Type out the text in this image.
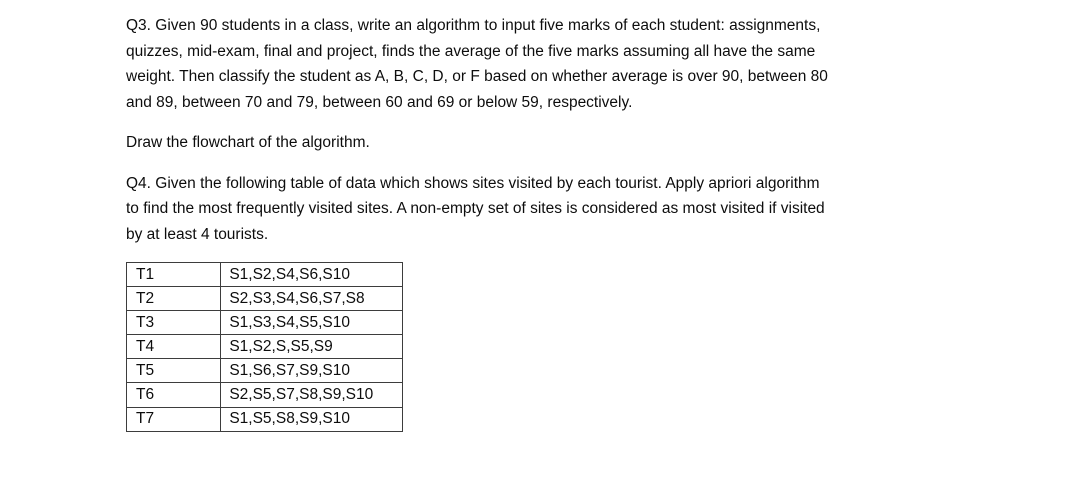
Q3. Given 90 students in a class, write an algorithm to input five marks of each student: assignments,
quizzes, mid-exam, final and project, finds the average of the five marks assuming all have the same
weight. Then classify the student as A, B, C, D, or F based on whether average is over 90, between 80
and 89, between 70 and 79, between 60 and 69 or below 59, respectively.
Draw the flowchart of the algorithm.
Q4. Given the following table of data which shows sites visited by each tourist. Apply apriori algorithm
to find the most frequently visited sites. A non-empty set of sites is considered as most visited if visited
by at least 4 tourists.
T1	S1,S2,S4,S6,S10
T2	S2,S3,S4,S6,S7,S8
T3	S1,S3,S4,S5,S10
T4	S1,S2,S,S5,S9
T5	S1,S6,S7,S9,S10
T6	S2,S5,S7,S8,S9,S10
T7	S1,S5,S8,S9,S10
